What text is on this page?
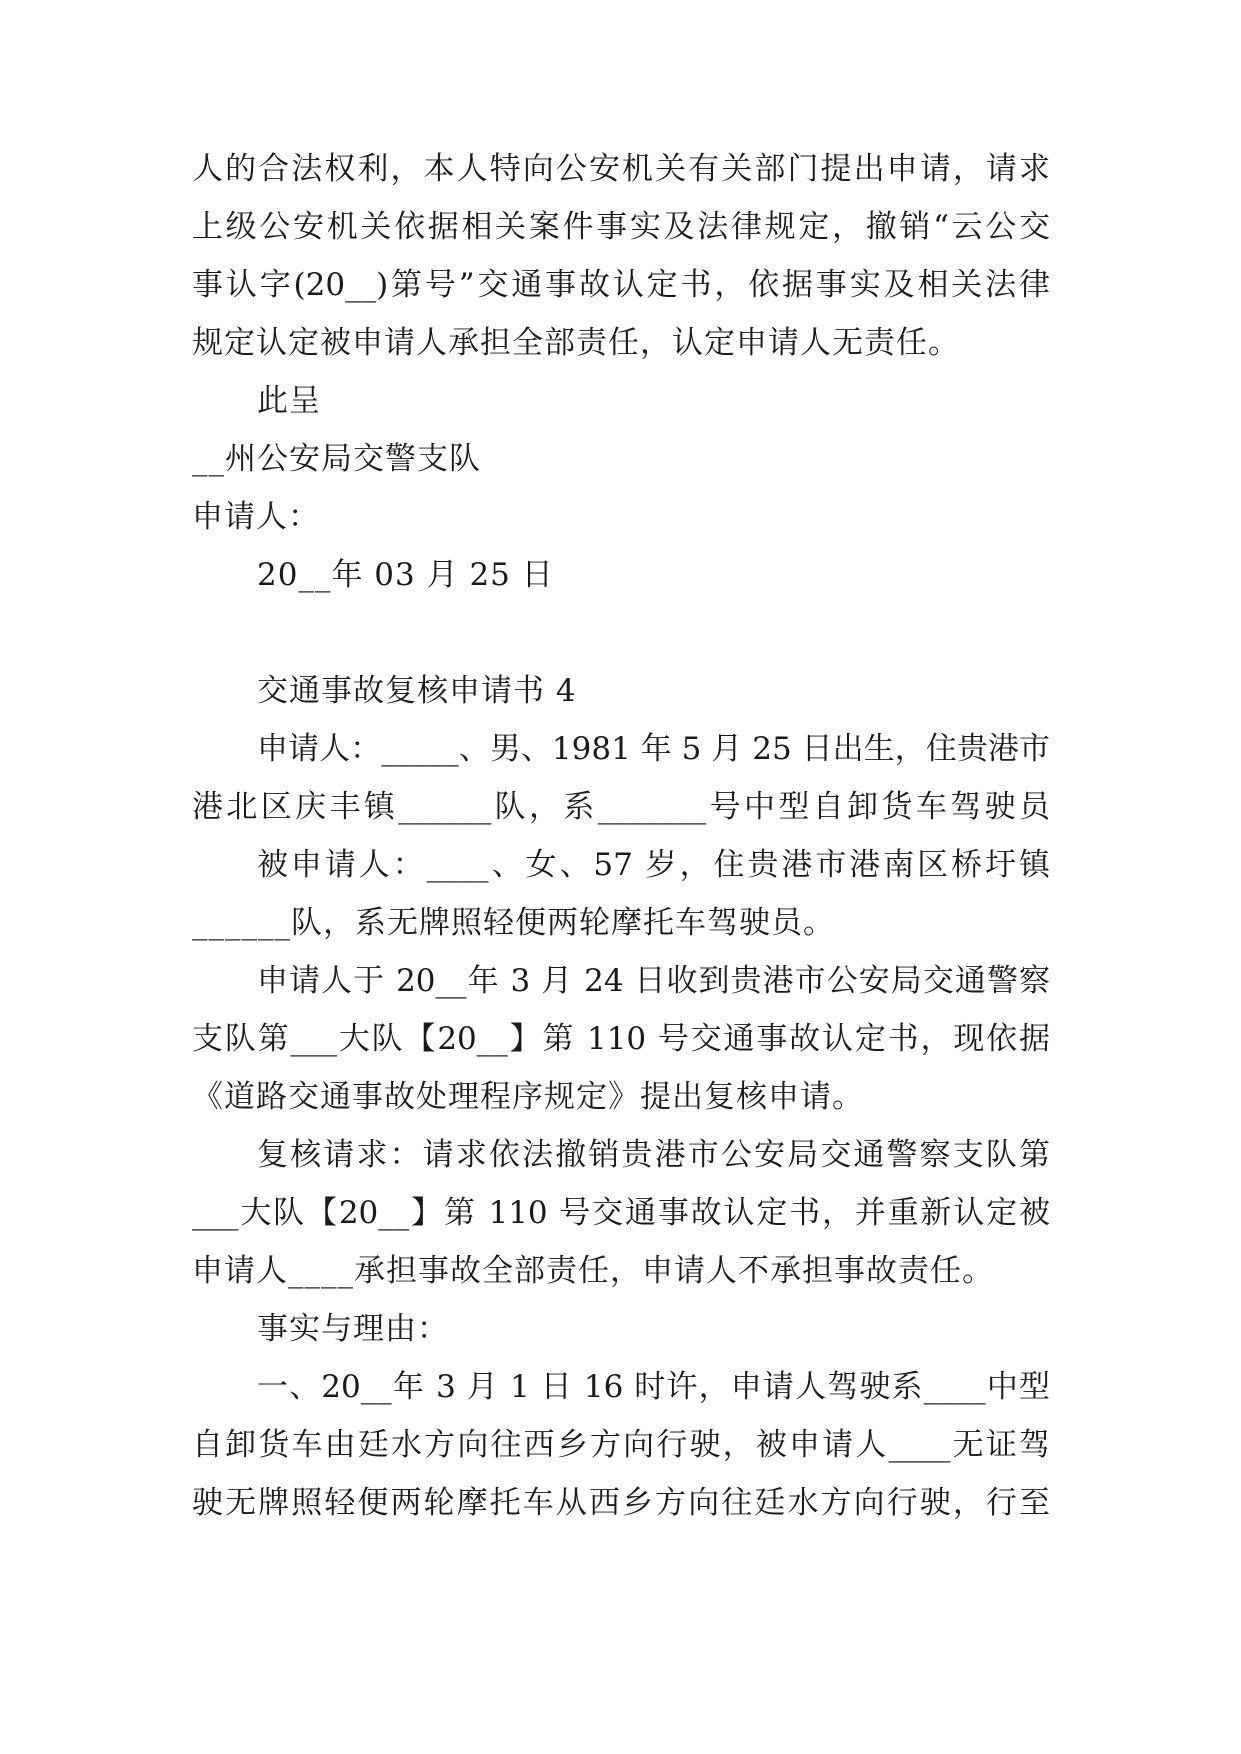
人的合法权利，本人特向公安机关有关部门提出申请，请求
上级公安机关依据相关案件事实及法律规定，撤销“云公交
事认字(20__)第号”交通事故认定书，依据事实及相关法律
规定认定被申请人承担全部责任，认定申请人无责任。
此呈
__州公安局交警支队
申请人：
20__年 03 月 25 日
交通事故复核申请书 4
申请人：_____、男、1981 年 5 月 25 日出生，住贵港市
港北区庆丰镇______队，系_______号中型自卸货车驾驶员
被申请人：____、女、57 岁，住贵港市港南区桥圩镇
______队，系无牌照轻便两轮摩托车驾驶员。
申请人于 20__年 3 月 24 日收到贵港市公安局交通警察
支队第___大队【20__】第 110 号交通事故认定书，现依据
《道路交通事故处理程序规定》提出复核申请。
复核请求：请求依法撤销贵港市公安局交通警察支队第
___大队【20__】第 110 号交通事故认定书，并重新认定被
申请人____承担事故全部责任，申请人不承担事故责任。
事实与理由：
一、20__年 3 月 1 日 16 时许，申请人驾驶系____中型
自卸货车由廷水方向往西乡方向行驶，被申请人____无证驾
驶无牌照轻便两轮摩托车从西乡方向往廷水方向行驶，行至
